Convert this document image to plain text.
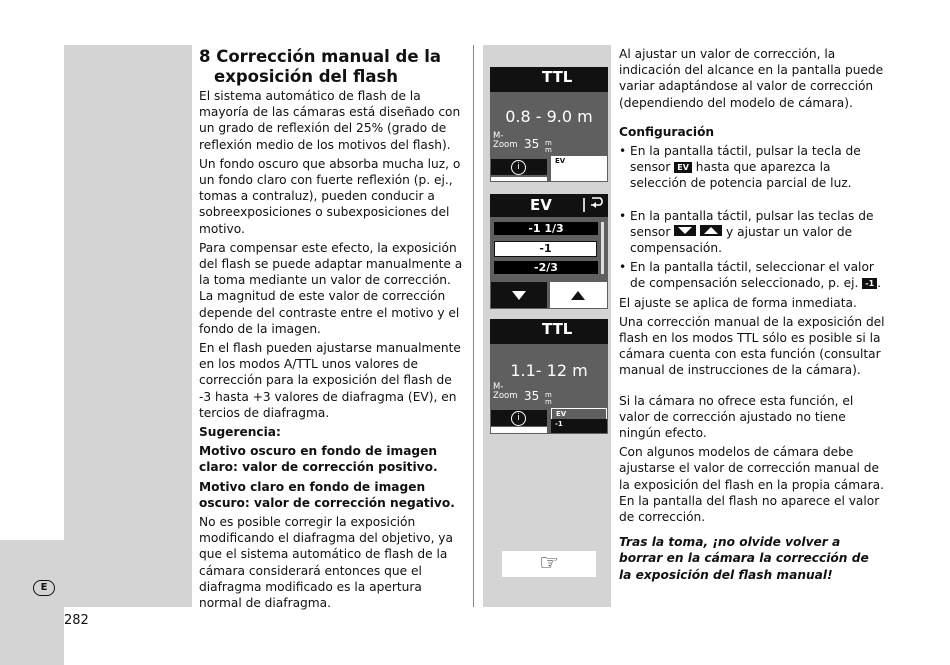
E
282
8 Corrección manual de la
exposición del flash

El sistema automático de flash de la mayoría de las cámaras está diseñado con un grado de reflexión del 25% (grado de reflexión medio de los motivos del flash).

Un fondo oscuro que absorba mucha luz, o un fondo claro con fuerte reflexión (p. ej., tomas a contraluz), pueden conducir a sobreexposiciones o subexposiciones del motivo.

Para compensar este efecto, la exposición del flash se puede adaptar manualmente a la toma mediante un valor de corrección. La magnitud de este valor de corrección depende del contraste entre el motivo y el fondo de la imagen.

En el flash pueden ajustarse manualmente en los modos A/TTL unos valores de corrección para la exposición del flash de -3 hasta +3 valores de diafragma (EV), en tercios de diafragma.

Sugerencia:

Motivo oscuro en fondo de imagen claro: valor de corrección positivo.

Motivo claro en fondo de imagen oscuro: valor de corrección negativo.

No es posible corregir la exposición modificando el diafragma del objetivo, ya que el sistema automático de flash de la cámara considerará entonces que el diafragma modificado es la apertura normal de diafragma.

TTL
0.8 - 9.0 m
M-
Zoom 35 m
m
i
EV
EV
-1 1/3
-1
-2/3
TTL
1.1- 12 m
M-
Zoom 35 m
m
i	EV
-1
☞

Al ajustar un valor de corrección, la indicación del alcance en la pantalla puede variar adaptándose al valor de corrección (dependiendo del modelo de cámara).

Configuración

• En la pantalla táctil, pulsar la tecla de sensor EV hasta que aparezca la selección de potencia parcial de luz.
• En la pantalla táctil, pulsar las teclas de sensor
	y ajustar un valor de compensación.
• En la pantalla táctil, seleccionar el valor de compensación seleccionado, p. ej. -1 .

El ajuste se aplica de forma inmediata.

Una corrección manual de la exposición del flash en los modos TTL sólo es posible si la cámara cuenta con esta función (consultar manual de instrucciones de la cámara).

Si la cámara no ofrece esta función, el valor de corrección ajustado no tiene ningún efecto.

Con algunos modelos de cámara debe ajustarse el valor de corrección manual de la exposición del flash en la propia cámara. En la pantalla del flash no aparece el valor de corrección.

Tras la toma, ¡no olvide volver a borrar en la cámara la corrección de la exposición del flash manual!
